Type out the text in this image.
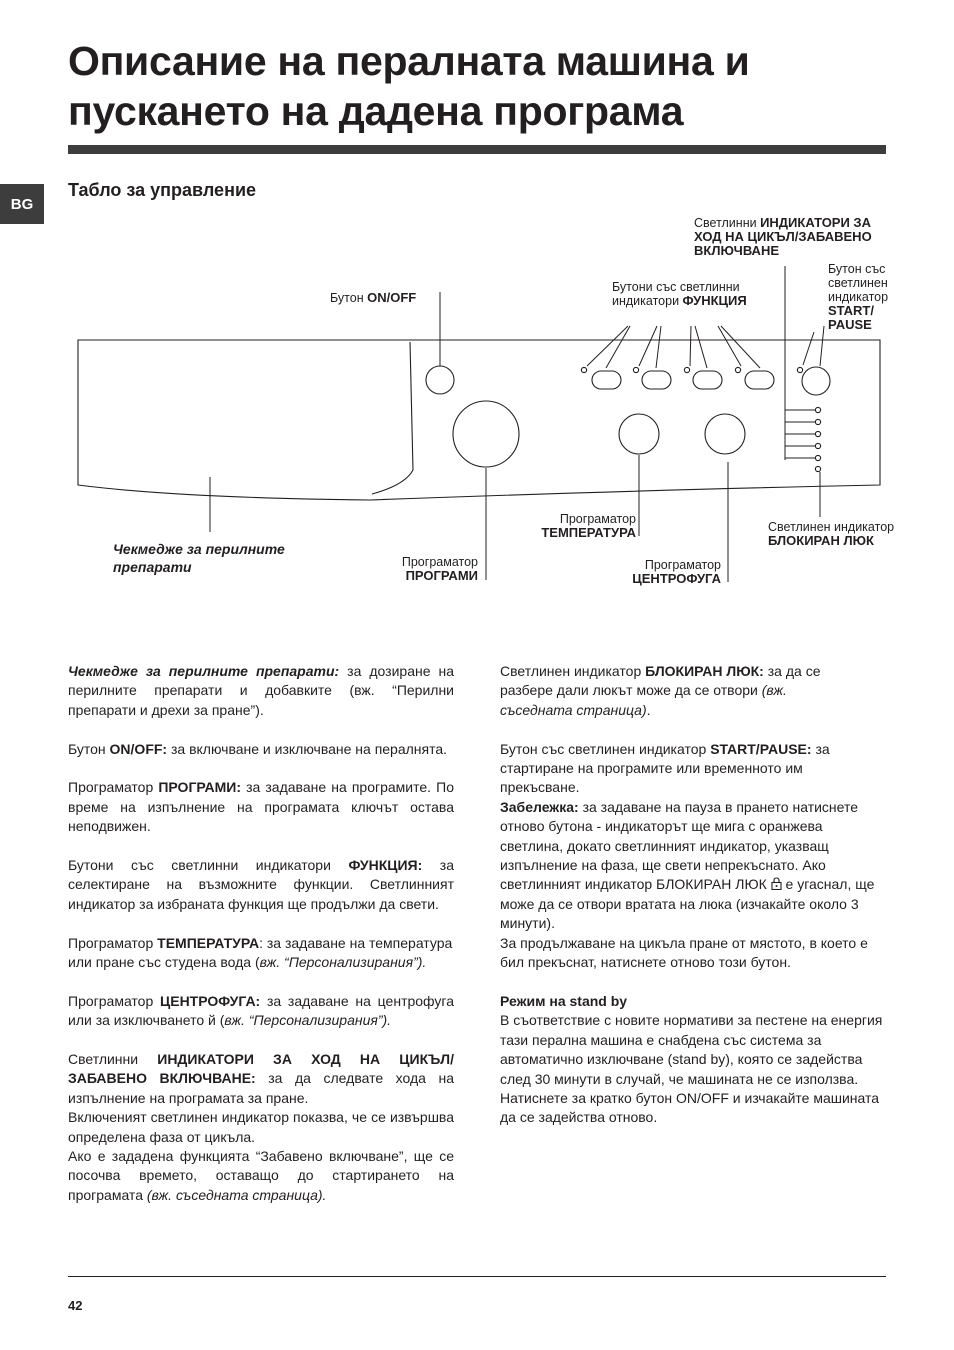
Описание на пералната машина и
пускането на дадена програма
BG
Табло за управление
Светлинни ИНДИКАТОРИ ЗА
ХОД НА ЦИКЪЛ/ЗАБАВЕНО
ВКЛЮЧВАНЕ
Бутон със
светлинен
индикатор
START/
PAUSE
Бутони със светлинни
индикатори ФУНКЦИЯ
Бутон ON/OFF
Програматор
ТЕМПЕРАТУРА	Светлинен индикатор
БЛОКИРАН ЛЮК
Чекмедже за перилните
препарати	Програматор
ПРОГРАМИ
Програматор
ЦЕНТРОФУГА

Чекмедже за перилните препарати: за дозиране на перилните препарати и добавките (вж. “Перилни препарати и дрехи за пране”).

Бутон ON/OFF: за включване и изключване на пералнята.

Програматор ПРОГРАМИ: за задаване на програмите. По време на изпълнение на програмата ключът остава неподвижен.

Бутони със светлинни индикатори ФУНКЦИЯ: за селектиране на възможните функции. Светлинният индикатор за избраната функция ще продължи да свети.

Програматор ТЕМПЕРАТУРА: за задаване на температура или пране със студена вода (вж. “Персонализирания”).

Програматор ЦЕНТРОФУГА: за задаване на центрофуга или за изключването й (вж. “Персонализирания”).

Светлинни ИНДИКАТОРИ ЗА ХОД НА ЦИКЪЛ/ЗАБАВЕНО ВКЛЮЧВАНЕ: за да следвате хода на изпълнение на програмата за пране.
Включеният светлинен индикатор показва, че се извършва определена фаза от цикъла.
Ако е зададена функцията “Забавено включване”, ще се посочва времето, оставащо до стартирането на програмата (вж. съседната страница).

Светлинен индикатор БЛОКИРАН ЛЮК: за да се разбере дали люкът може да се отвори (вж. съседната страница).

Бутон със светлинен индикатор START/PAUSE: за стартиране на програмите или временното им прекъсване.
Забележка: за задаване на пауза в прането натиснете отново бутона - индикаторът ще мига с оранжева светлина, докато светлинният индикатор, указващ изпълнение на фаза, ще свети непрекъснато. Ако светлинният индикатор БЛОКИРАН ЛЮК  е угаснал, ще може да се отвори вратата на люка (изчакайте около 3 минути).
За продължаване на цикъла пране от мястото, в което е бил прекъснат, натиснете отново този бутон.

Режим на stand by
В съответствие с новите нормативи за пестене на енергия тази перална машина е снабдена със система за автоматично изключване (stand by), която се задейства след 30 минути в случай, че машината не се използва. Натиснете за кратко бутон ON/OFF и изчакайте машината да се задейства отново.

42
